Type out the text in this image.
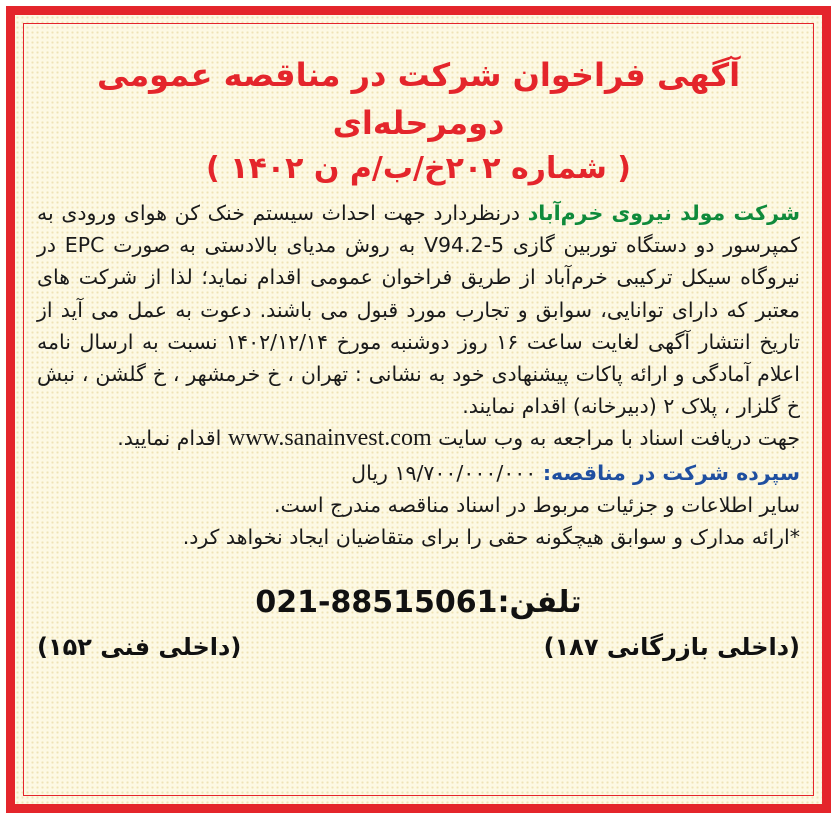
آگهی فراخوان شرکت در مناقصه عمومی دومرحله‌ای
( شماره ۲۰۲خ/ب/م ن ۱۴۰۲ )

شرکت مولد نیروی خرم‌آباد درنظردارد جهت احداث سیستم خنک کن هوای ورودی به کمپرسور دو دستگاه توربین گازی V94.2-5 به روش مدیای بالادستی به صورت EPC در نیروگاه سیکل ترکیبی خرم‌آباد از طریق فراخوان عمومی اقدام نماید؛ لذا از شرکت های معتبر که دارای توانایی، سوابق و تجارب مورد قبول می باشند. دعوت به عمل می آید از تاریخ انتشار آگهی لغایت ساعت ۱۶ روز دوشنبه مورخ ۱۴۰۲/۱۲/۱۴ نسبت به ارسال نامه اعلام آمادگی و ارائه پاکات پیشنهادی خود به نشانی : تهران ، خ خرمشهر ، خ گلشن ، نبش خ گلزار ، پلاک ۲ (دبیرخانه) اقدام نمایند.
جهت دریافت اسناد با مراجعه به وب سایت www.sanainvest.com اقدام نمایید.

سپرده شرکت در مناقصه: ۱۹/۷۰۰/۰۰۰/۰۰۰ ریال

سایر اطلاعات و جزئیات مربوط در اسناد مناقصه مندرج است.

*ارائه مدارک و سوابق هیچگونه حقی را برای متقاضیان ایجاد نخواهد کرد.

تلفن:021-88515061
(داخلی بازرگانی ۱۸۷)
(داخلی فنی ۱۵۲)
